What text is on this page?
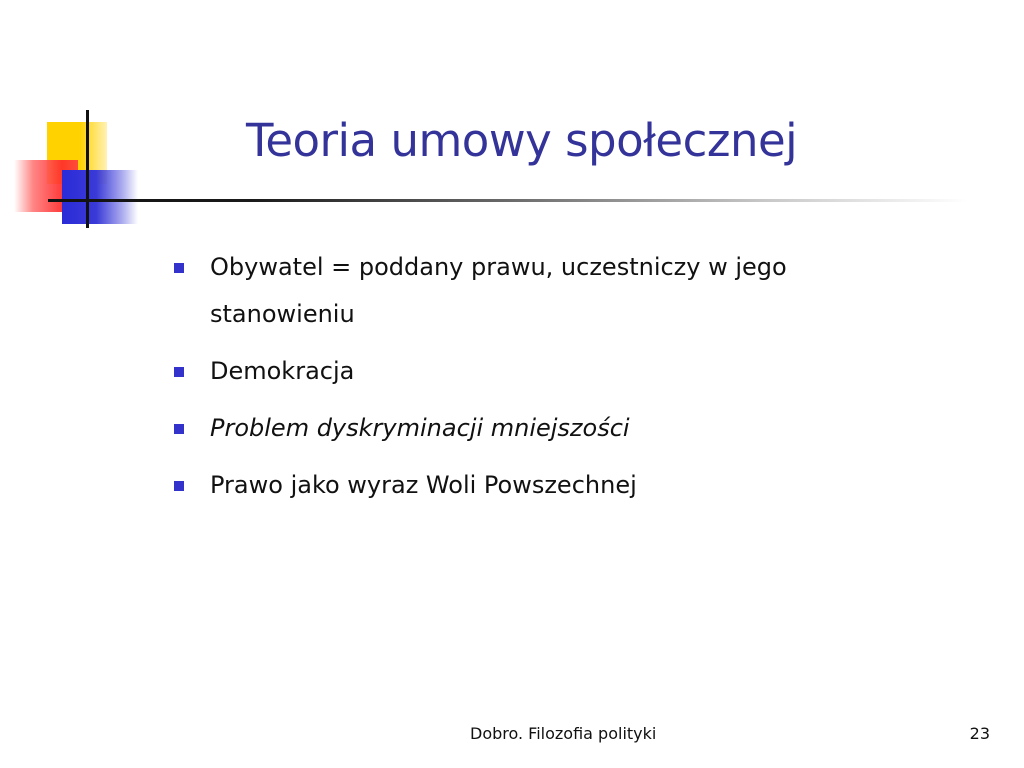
Teoria umowy społecznej
Obywatel = poddany prawu, uczestniczy w jego stanowieniu
Demokracja
Problem dyskryminacji mniejszości
Prawo jako wyraz Woli Powszechnej
Dobro. Filozofia polityki	23
